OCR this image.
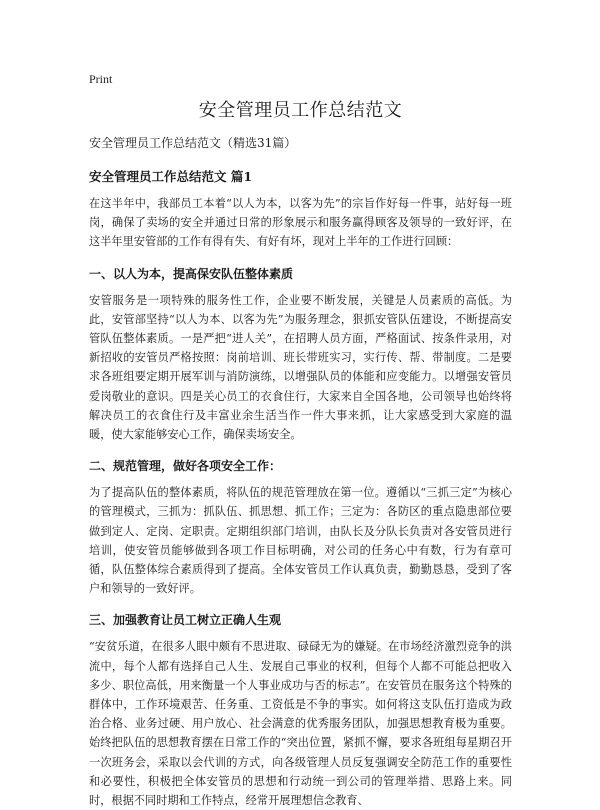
Print
安全管理员工作总结范文

安全管理员工作总结范文（精选31篇）

安全管理员工作总结范文 篇1

在这半年中，我部员工本着“以人为本，以客为先”的宗旨作好每一件事，站好每一班岗，确保了卖场的安全并通过日常的形象展示和服务赢得顾客及领导的一致好评，在这半年里安管部的工作有得有失、有好有坏，现对上半年的工作进行回顾：

一、以人为本，提高保安队伍整体素质

安管服务是一项特殊的服务性工作，企业要不断发展，关键是人员素质的高低。为此，安管部坚持“以人为本、以客为先”为服务理念，狠抓安管队伍建设，不断提高安管队伍整体素质。一是严把“进人关”，在招聘人员方面，严格面试、按条件录用，对新招收的安管员严格按照：岗前培训、班长带班实习，实行传、帮、带制度。二是要求各班组要定期开展军训与消防演练，以增强队员的体能和应变能力。以增强安管员爱岗敬业的意识。四是关心员工的衣食住行，大家来自全国各地，公司领导也始终将解决员工的衣食住行及丰富业余生活当作一件大事来抓，让大家感受到大家庭的温暖，使大家能够安心工作，确保卖场安全。

二、规范管理，做好各项安全工作：

为了提高队伍的整体素质，将队伍的规范管理放在第一位。遵循以“三抓三定”为核心的管理模式，三抓为：抓队伍、抓思想、抓工作；三定为：各防区的重点隐患部位要做到定人、定岗、定职责。定期组织部门培训，由队长及分队长负责对各安管员进行培训，使安管员能够做到各项工作目标明确，对公司的任务心中有数，行为有章可循，队伍整体综合素质得到了提高。全体安管员工作认真负责，勤勤恳恳，受到了客户和领导的一致好评。

三、加强教育让员工树立正确人生观

“安贫乐道，在很多人眼中颇有不思进取、碌碌无为的嫌疑。在市场经济激烈竞争的洪流中，每个人都有选择自己人生、发展自己事业的权利，但每个人都不可能总把收入多少、职位高低，用来衡量一个人事业成功与否的标志”。在安管员在服务这个特殊的群体中，工作环境艰苦、任务重、工资低是不争的事实。如何将这支队伍打造成为政治合格、业务过硬、用户放心、社会满意的优秀服务团队，加强思想教育极为重要。始终把队伍的思想教育摆在日常工作的“突出位置，紧抓不懈，要求各班组每星期召开一次班务会，采取以会代训的方式，向各级管理人员反复强调安全防范工作的重要性和必要性，积极把全体安管员的思想和行动统一到公司的管理举措、思路上来。同时，根据不同时期和工作特点，经常开展理想信念教育、
